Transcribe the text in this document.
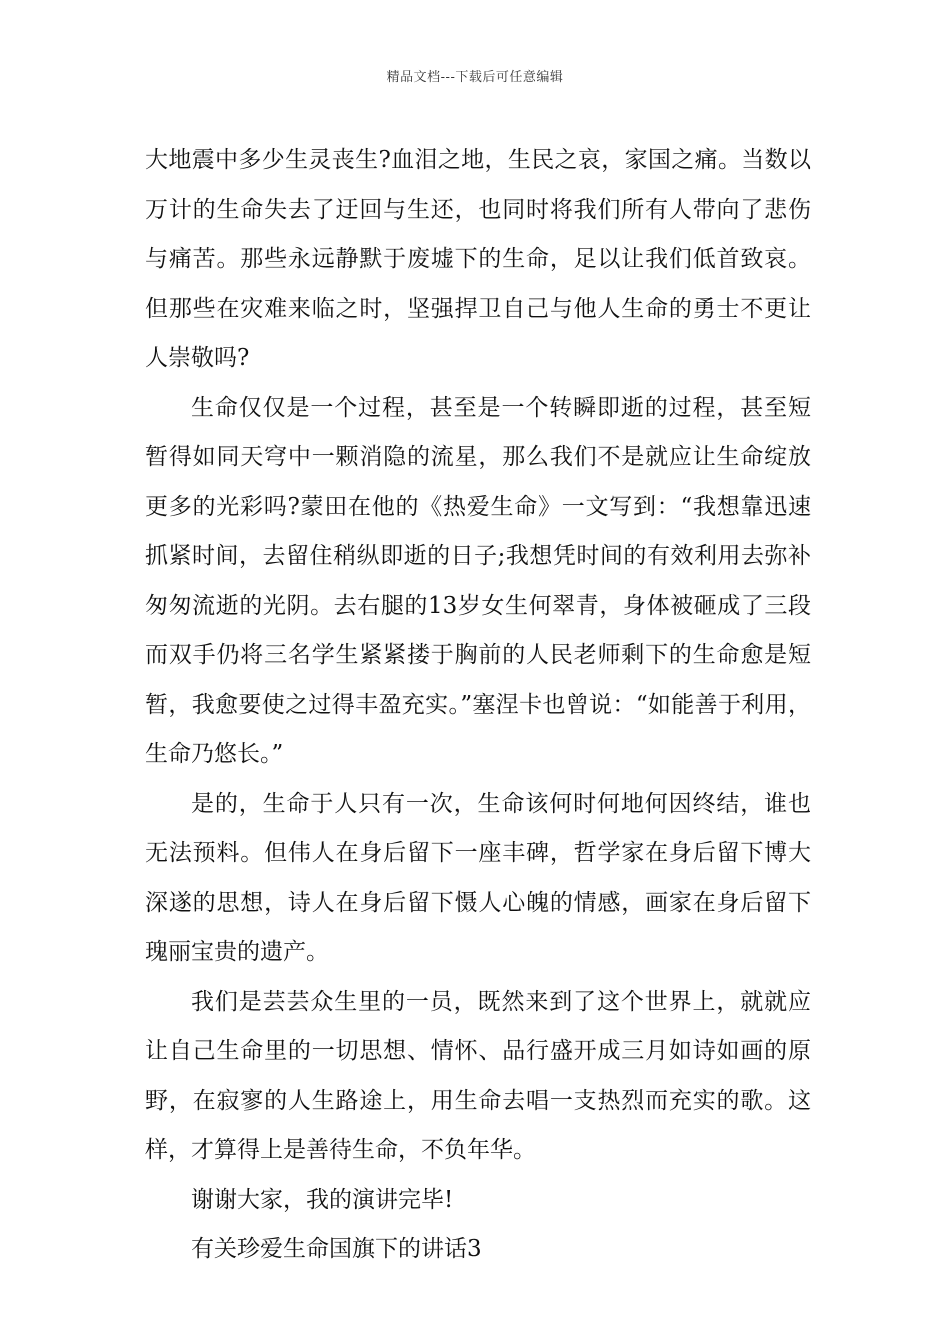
精品文档---下载后可任意编辑

大地震中多少生灵丧生?血泪之地，生民之哀，家国之痛。当数以万计的生命失去了迂回与生还，也同时将我们所有人带向了悲伤与痛苦。那些永远静默于废墟下的生命，足以让我们低首致哀。但那些在灾难来临之时，坚强捍卫自己与他人生命的勇士不更让人崇敬吗?

生命仅仅是一个过程，甚至是一个转瞬即逝的过程，甚至短暂得如同天穹中一颗消隐的流星，那么我们不是就应让生命绽放更多的光彩吗?蒙田在他的《热爱生命》一文写到：“我想靠迅速抓紧时间，去留住稍纵即逝的日子;我想凭时间的有效利用去弥补匆匆流逝的光阴。去右腿的13岁女生何翠青，身体被砸成了三段而双手仍将三名学生紧紧搂于胸前的人民老师剩下的生命愈是短暂，我愈要使之过得丰盈充实。”塞涅卡也曾说：“如能善于利用，生命乃悠长。”

是的，生命于人只有一次，生命该何时何地何因终结，谁也无法预料。但伟人在身后留下一座丰碑，哲学家在身后留下博大深遂的思想，诗人在身后留下慑人心魄的情感，画家在身后留下瑰丽宝贵的遗产。

我们是芸芸众生里的一员，既然来到了这个世界上，就就应让自己生命里的一切思想、情怀、品行盛开成三月如诗如画的原野，在寂寥的人生路途上，用生命去唱一支热烈而充实的歌。这样，才算得上是善待生命，不负年华。

谢谢大家，我的演讲完毕!

有关珍爱生命国旗下的讲话3
